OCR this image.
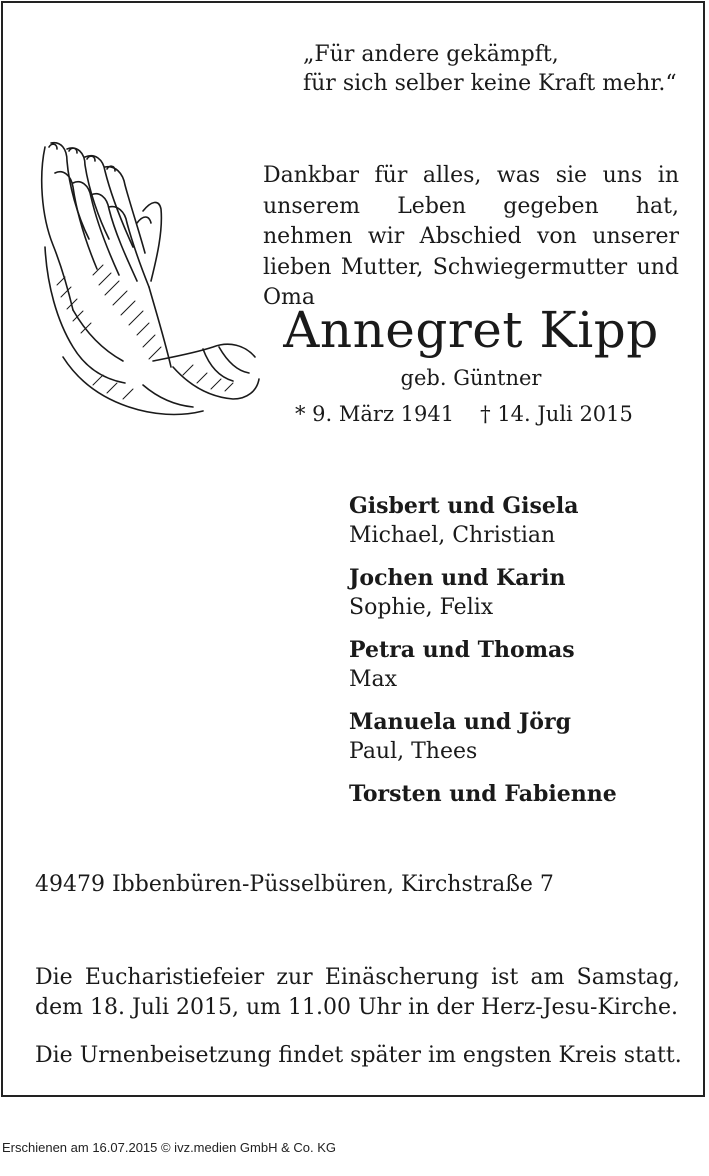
„Für andere gekämpft,
für sich selber keine Kraft mehr.“
Dankbar für alles, was sie uns in unserem Leben gegeben hat, nehmen wir Abschied von unserer lieben Mutter, Schwiegermutter und Oma
Annegret Kipp
geb. Güntner
* 9. März 1941 † 14. Juli 2015
Gisbert und Gisela
Michael, Christian
Jochen und Karin
Sophie, Felix
Petra und Thomas
Max
Manuela und Jörg
Paul, Thees
Torsten und Fabienne
49479 Ibbenbüren-Püsselbüren, Kirchstraße 7
Die Eucharistiefeier zur Einäscherung ist am Samstag, dem 18. Juli 2015, um 11.00 Uhr in der Herz-Jesu-Kirche.
Die Urnenbeisetzung findet später im engsten Kreis statt.
Erschienen am 16.07.2015 © ivz.medien GmbH & Co. KG
